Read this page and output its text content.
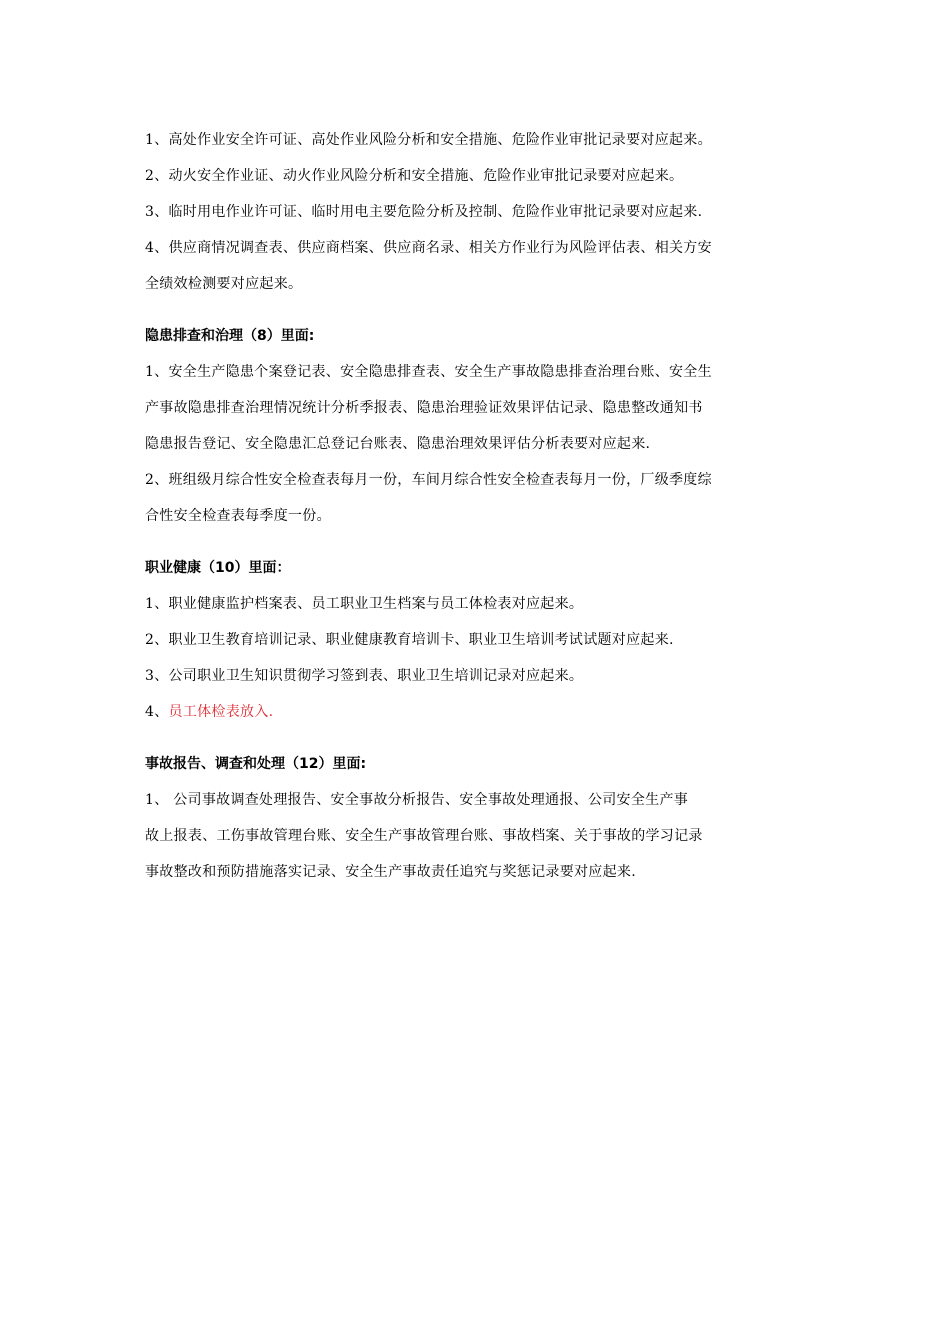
1、高处作业安全许可证、高处作业风险分析和安全措施、危险作业审批记录要对应起来。
2、动火安全作业证、动火作业风险分析和安全措施、危险作业审批记录要对应起来。
3、临时用电作业许可证、临时用电主要危险分析及控制、危险作业审批记录要对应起来.
4、供应商情况调查表、供应商档案、供应商名录、相关方作业行为风险评估表、相关方安
全绩效检测要对应起来。
隐患排查和治理（8）里面:
1、安全生产隐患个案登记表、安全隐患排查表、安全生产事故隐患排查治理台账、安全生
产事故隐患排查治理情况统计分析季报表、隐患治理验证效果评估记录、隐患整改通知书
隐患报告登记、安全隐患汇总登记台账表、隐患治理效果评估分析表要对应起来.
2、班组级月综合性安全检查表每月一份，车间月综合性安全检查表每月一份，厂级季度综
合性安全检查表每季度一份。
职业健康（10）里面：
1、职业健康监护档案表、员工职业卫生档案与员工体检表对应起来。
2、职业卫生教育培训记录、职业健康教育培训卡、职业卫生培训考试试题对应起来.
3、公司职业卫生知识贯彻学习签到表、职业卫生培训记录对应起来。
4、员工体检表放入.
事故报告、调查和处理（12）里面:
1、 公司事故调查处理报告、安全事故分析报告、安全事故处理通报、公司安全生产事
故上报表、工伤事故管理台账、安全生产事故管理台账、事故档案、关于事故的学习记录
事故整改和预防措施落实记录、安全生产事故责任追究与奖惩记录要对应起来.
